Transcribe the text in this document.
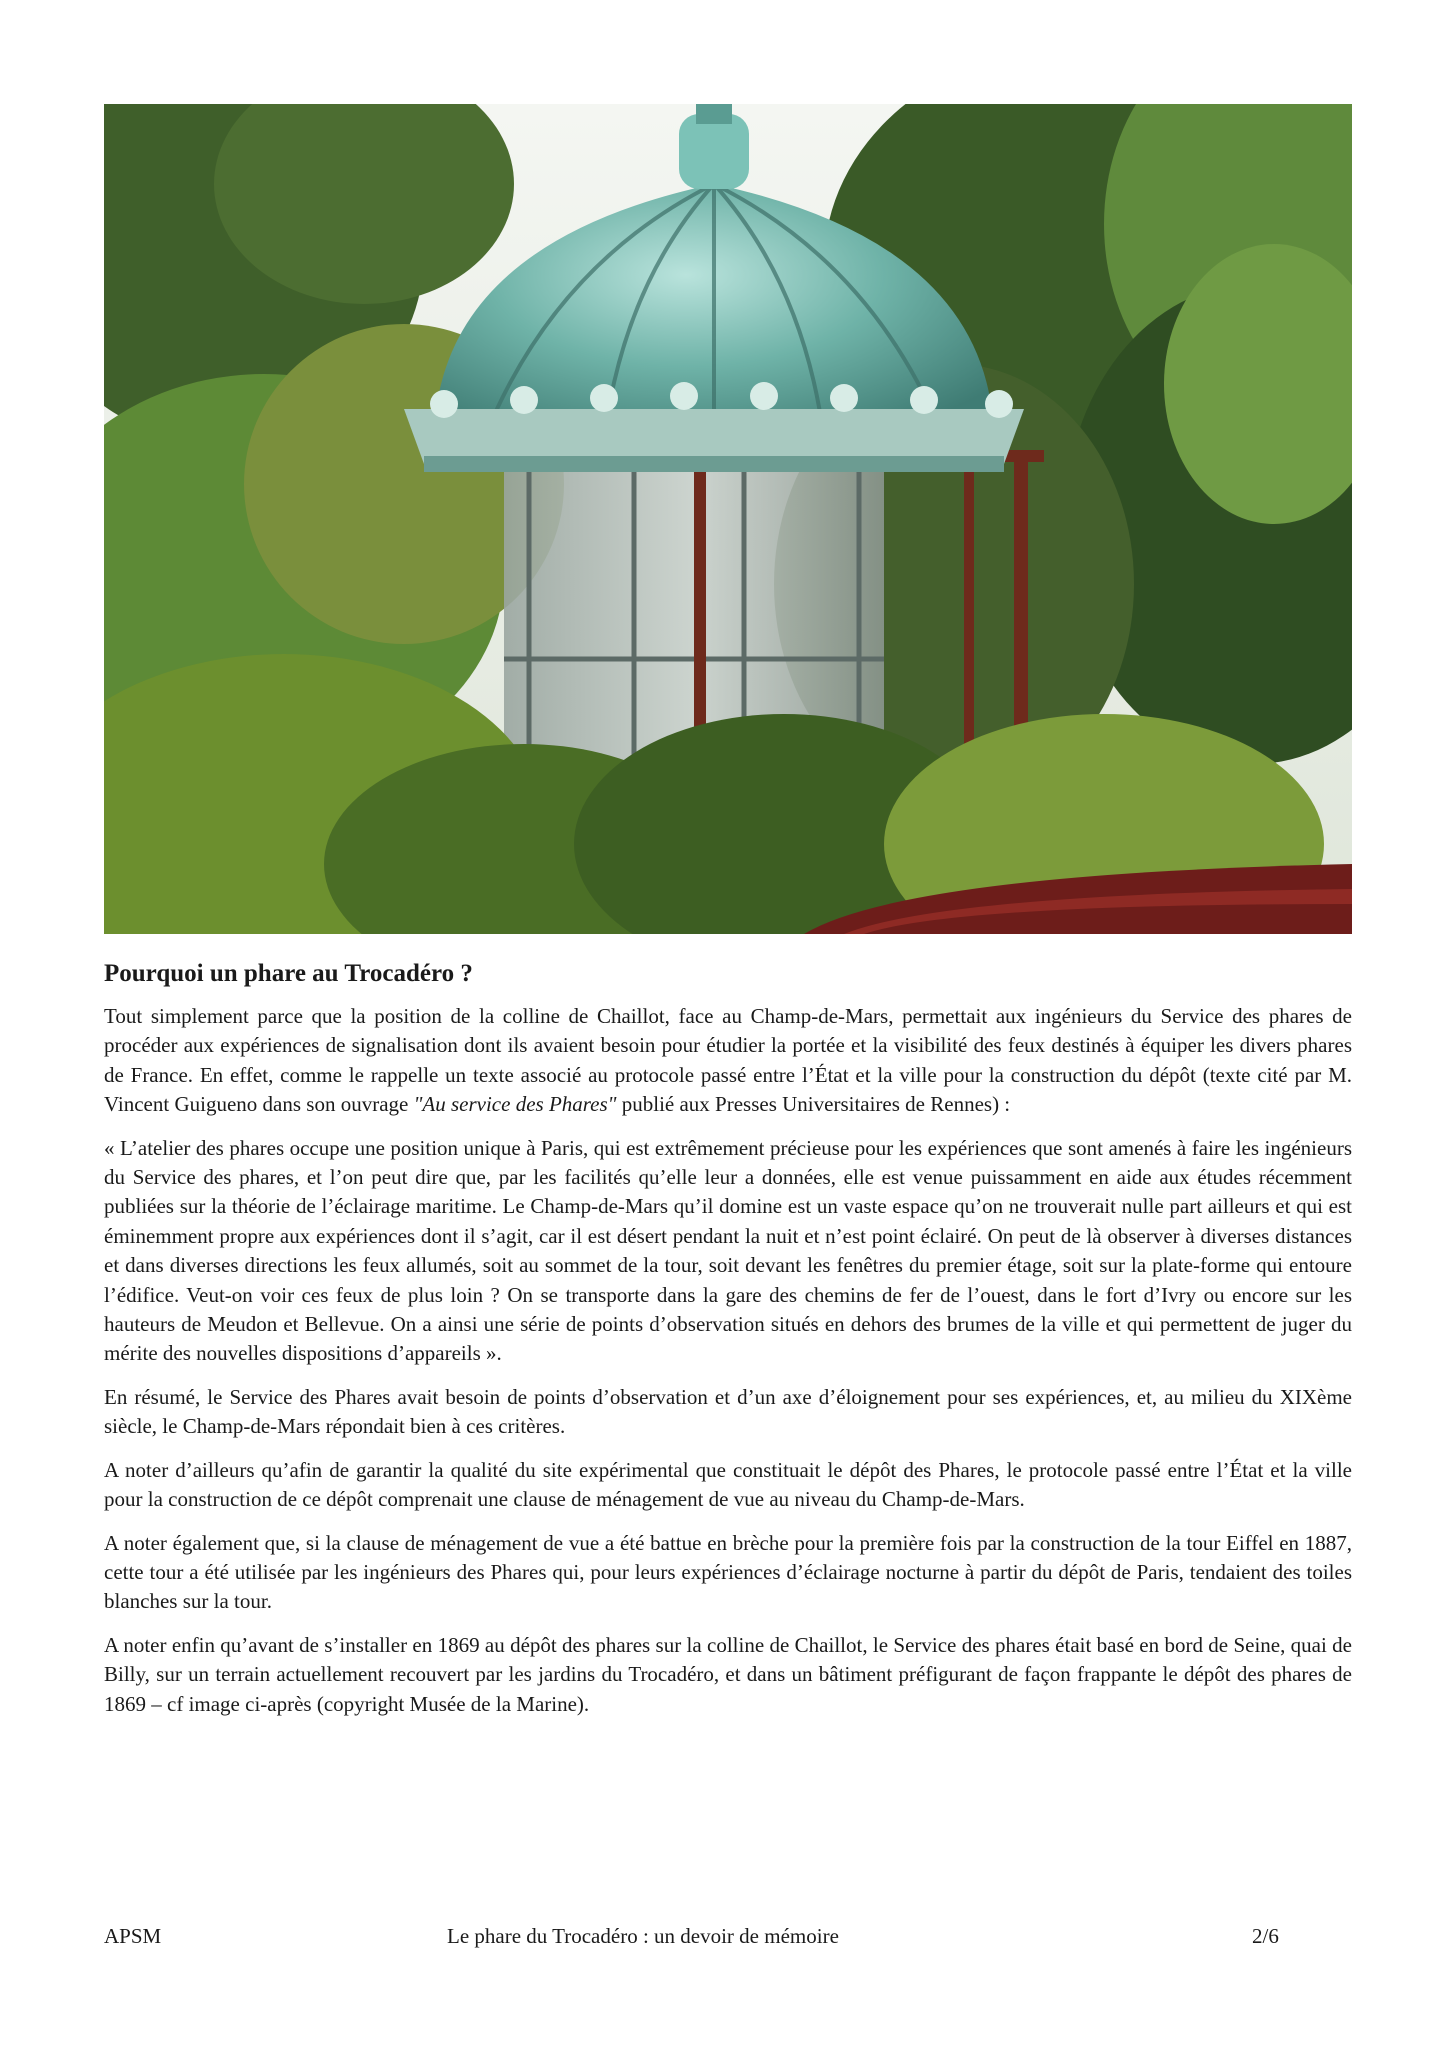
Pourquoi un phare au Trocadéro ?

Tout simplement parce que la position de la colline de Chaillot, face au Champ-de-Mars, permettait aux ingénieurs du Service des phares de procéder aux expériences de signalisation dont ils avaient besoin pour étudier la portée et la visibilité des feux destinés à équiper les divers phares de France. En effet, comme le rappelle un texte associé au protocole passé entre l’État et la ville pour la construction du dépôt (texte cité par M. Vincent Guigueno dans son ouvrage "Au service des Phares" publié aux Presses Universitaires de Rennes) :

« L’atelier des phares occupe une position unique à Paris, qui est extrêmement précieuse pour les expériences que sont amenés à faire les ingénieurs du Service des phares, et l’on peut dire que, par les facilités qu’elle leur a données, elle est venue puissamment en aide aux études récemment publiées sur la théorie de l’éclairage maritime. Le Champ-de-Mars qu’il domine est un vaste espace qu’on ne trouverait nulle part ailleurs et qui est éminemment propre aux expériences dont il s’agit, car il est désert pendant la nuit et n’est point éclairé. On peut de là observer à diverses distances et dans diverses directions les feux allumés, soit au sommet de la tour, soit devant les fenêtres du premier étage, soit sur la plate-forme qui entoure l’édifice. Veut-on voir ces feux de plus loin ? On se transporte dans la gare des chemins de fer de l’ouest, dans le fort d’Ivry ou encore sur les hauteurs de Meudon et Bellevue. On a ainsi une série de points d’observation situés en dehors des brumes de la ville et qui permettent de juger du mérite des nouvelles dispositions d’appareils ».

En résumé, le Service des Phares avait besoin de points d’observation et d’un axe d’éloignement pour ses expériences, et, au milieu du XIXème siècle, le Champ-de-Mars répondait bien à ces critères.

A noter d’ailleurs qu’afin de garantir la qualité du site expérimental que constituait le dépôt des Phares, le protocole passé entre l’État et la ville pour la construction de ce dépôt comprenait une clause de ménagement de vue au niveau du Champ-de-Mars.

A noter également que, si la clause de ménagement de vue a été battue en brèche pour la première fois par la construction de la tour Eiffel en 1887, cette tour a été utilisée par les ingénieurs des Phares qui, pour leurs expériences d’éclairage nocturne à partir du dépôt de Paris, tendaient des toiles blanches sur la tour.

A noter enfin qu’avant de s’installer en 1869 au dépôt des phares sur la colline de Chaillot, le Service des phares était basé en bord de Seine, quai de Billy, sur un terrain actuellement recouvert par les jardins du Trocadéro, et dans un bâtiment préfigurant de façon frappante le dépôt des phares de 1869 – cf image ci-après (copyright Musée de la Marine).

APSM	Le phare du Trocadéro : un devoir de mémoire	2/6
